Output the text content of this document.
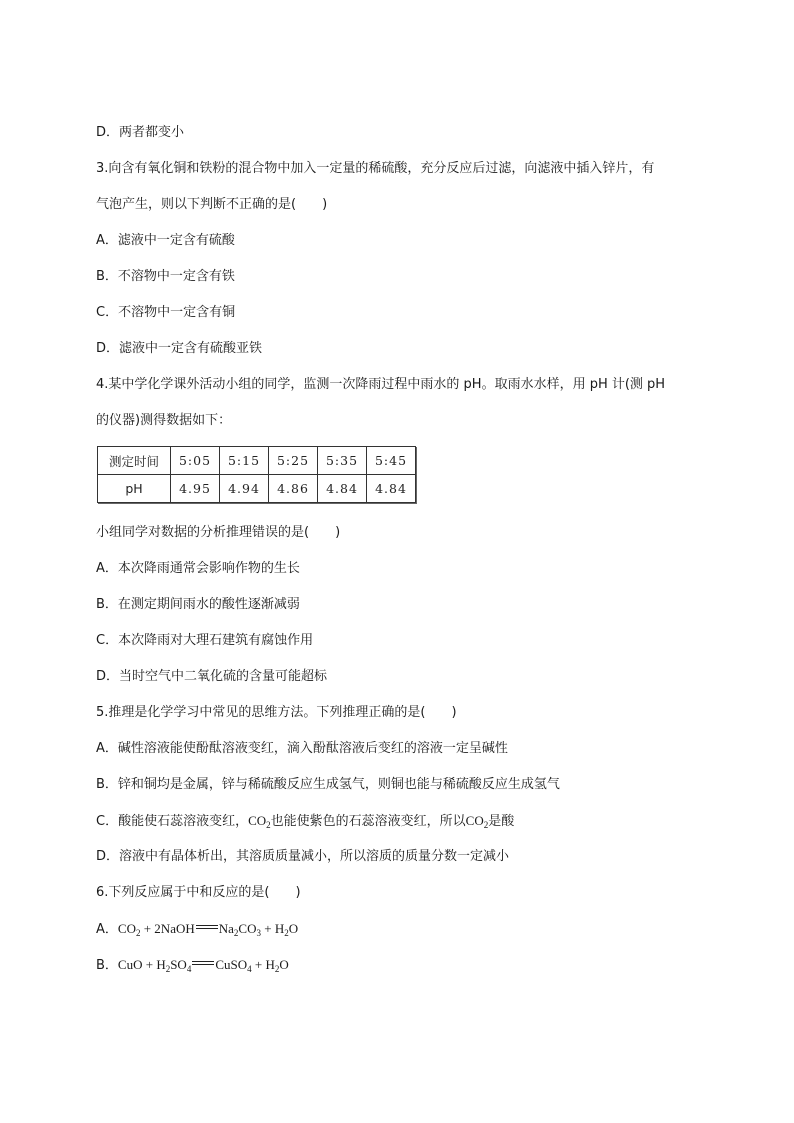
D．两者都变小
3.向含有氧化铜和铁粉的混合物中加入一定量的稀硫酸，充分反应后过滤，向滤液中插入锌片，有
气泡产生，则以下判断不正确的是(　　)
A．滤液中一定含有硫酸
B．不溶物中一定含有铁
C．不溶物中一定含有铜
D．滤液中一定含有硫酸亚铁
4.某中学化学课外活动小组的同学，监测一次降雨过程中雨水的 pH。取雨水水样，用 pH 计(测 pH
的仪器)测得数据如下：
测定时间	5:05	5:15	5:25	5:35	5:45
pH	4.95	4.94	4.86	4.84	4.84
小组同学对数据的分析推理错误的是(　　)
A．本次降雨通常会影响作物的生长
B．在测定期间雨水的酸性逐渐减弱
C．本次降雨对大理石建筑有腐蚀作用
D．当时空气中二氧化硫的含量可能超标
5.推理是化学学习中常见的思维方法。下列推理正确的是(　　)
A．碱性溶液能使酚酞溶液变红，滴入酚酞溶液后变红的溶液一定呈碱性
B．锌和铜均是金属，锌与稀硫酸反应生成氢气，则铜也能与稀硫酸反应生成氢气
C．酸能使石蕊溶液变红，$CO_2$也能使紫色的石蕊溶液变红，所以$CO_2$是酸
D．溶液中有晶体析出，其溶质质量减小，所以溶质的质量分数一定减小
6.下列反应属于中和反应的是(　　)
A．$CO_2$ + 2NaOH $Na_2CO_3 + H_2O$
B．CuO + $H_2SO_4$ CuSO$_4$ + $H_2O$
